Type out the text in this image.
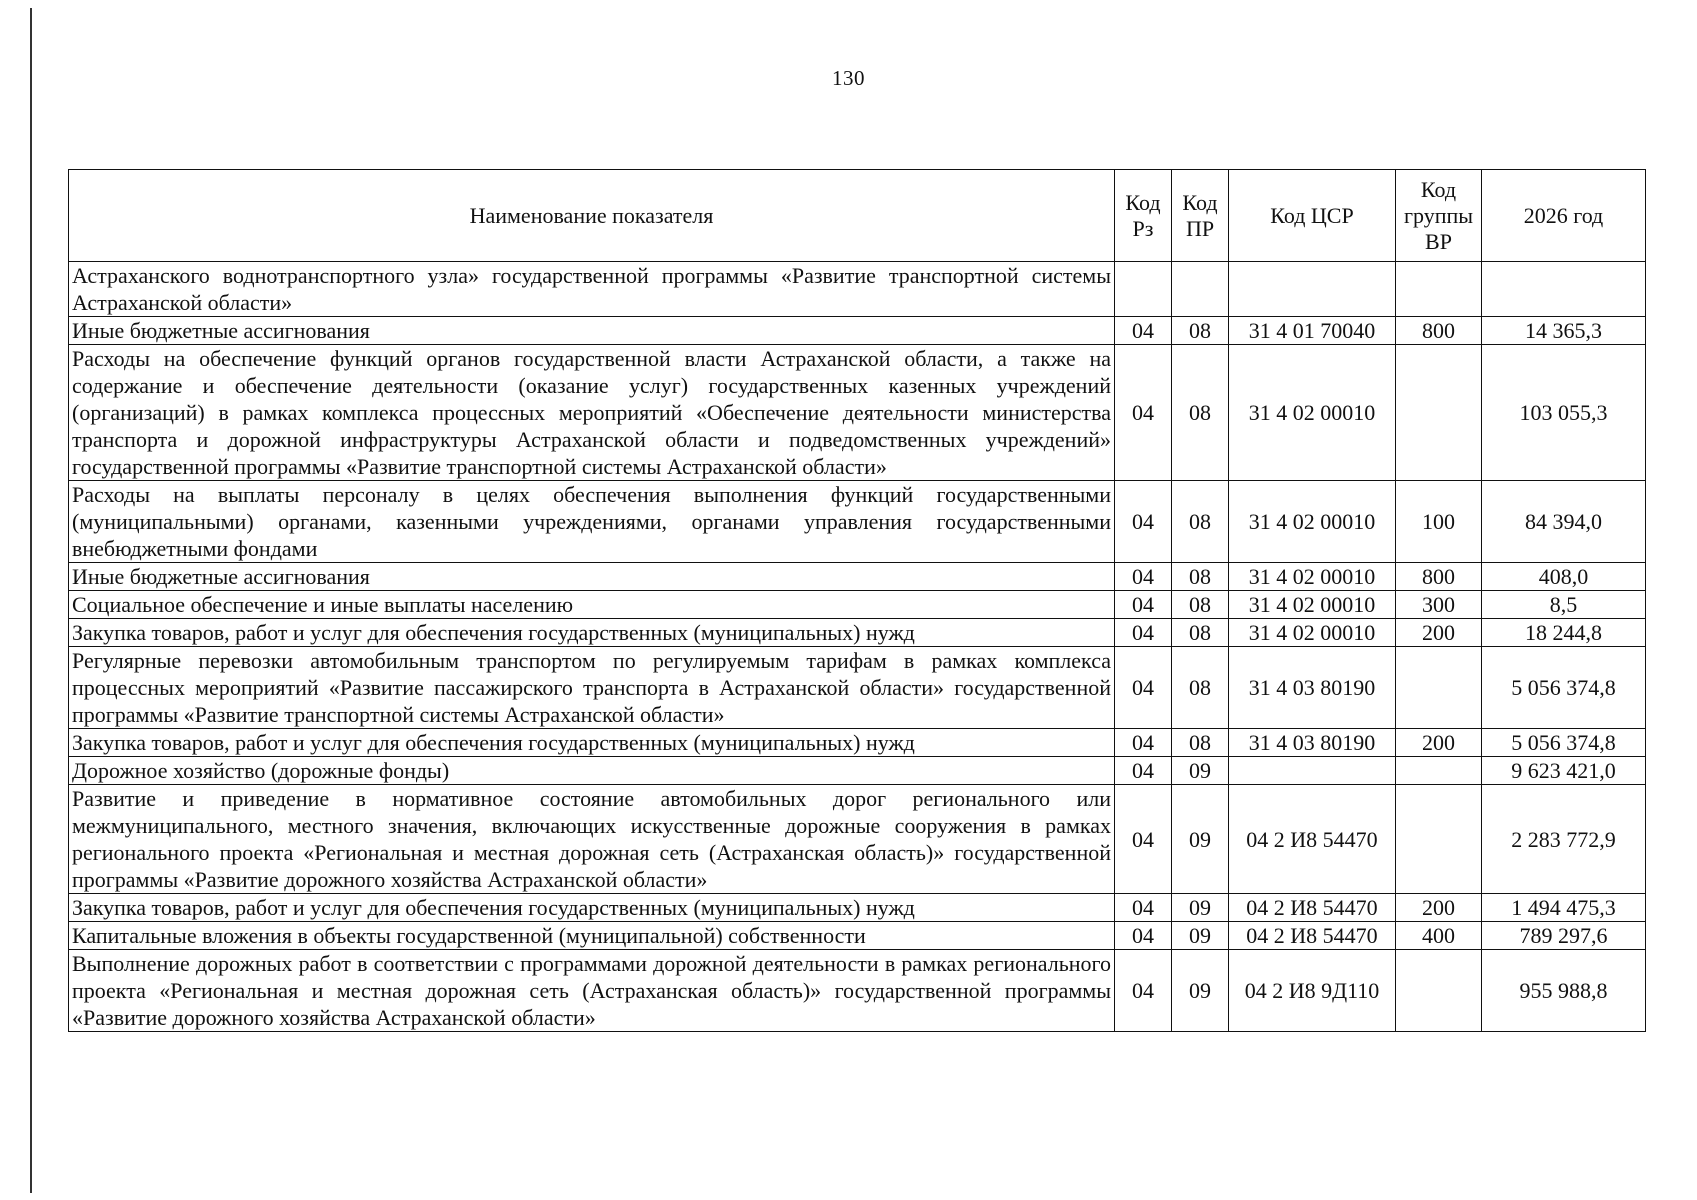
130
Наименование показателя	Код Рз	Код ПР	Код ЦСР	Код группы ВР	2026 год
Астраханского воднотранспортного узла» государственной программы «Развитие транспортной системы Астраханской области»					
Иные бюджетные ассигнования	04	08	31 4 01 70040	800	14 365,3
Расходы на обеспечение функций органов государственной власти Астраханской области, а также на содержание и обеспечение деятельности (оказание услуг) государственных казенных учреждений (организаций) в рамках комплекса процессных мероприятий «Обеспечение деятельности министерства транспорта и дорожной инфраструктуры Астраханской области и подведомственных учреждений» государственной программы «Развитие транспортной системы Астраханской области»	04	08	31 4 02 00010		103 055,3
Расходы на выплаты персоналу в целях обеспечения выполнения функций государственными (муниципальными) органами, казенными учреждениями, органами управления государственными внебюджетными фондами	04	08	31 4 02 00010	100	84 394,0
Иные бюджетные ассигнования	04	08	31 4 02 00010	800	408,0
Социальное обеспечение и иные выплаты населению	04	08	31 4 02 00010	300	8,5
Закупка товаров, работ и услуг для обеспечения государственных (муниципальных) нужд	04	08	31 4 02 00010	200	18 244,8
Регулярные перевозки автомобильным транспортом по регулируемым тарифам в рамках комплекса процессных мероприятий «Развитие пассажирского транспорта в Астраханской области» государственной программы «Развитие транспортной системы Астраханской области»	04	08	31 4 03 80190		5 056 374,8
Закупка товаров, работ и услуг для обеспечения государственных (муниципальных) нужд	04	08	31 4 03 80190	200	5 056 374,8
Дорожное хозяйство (дорожные фонды)	04	09			9 623 421,0
Развитие и приведение в нормативное состояние автомобильных дорог регионального или межмуниципального, местного значения, включающих искусственные дорожные сооружения в рамках регионального проекта «Региональная и местная дорожная сеть (Астраханская область)» государственной программы «Развитие дорожного хозяйства Астраханской области»	04	09	04 2 И8 54470		2 283 772,9
Закупка товаров, работ и услуг для обеспечения государственных (муниципальных) нужд	04	09	04 2 И8 54470	200	1 494 475,3
Капитальные вложения в объекты государственной (муниципальной) собственности	04	09	04 2 И8 54470	400	789 297,6
Выполнение дорожных работ в соответствии с программами дорожной деятельности в рамках регионального проекта «Региональная и местная дорожная сеть (Астраханская область)» государственной программы «Развитие дорожного хозяйства Астраханской области»	04	09	04 2 И8 9Д110		955 988,8
